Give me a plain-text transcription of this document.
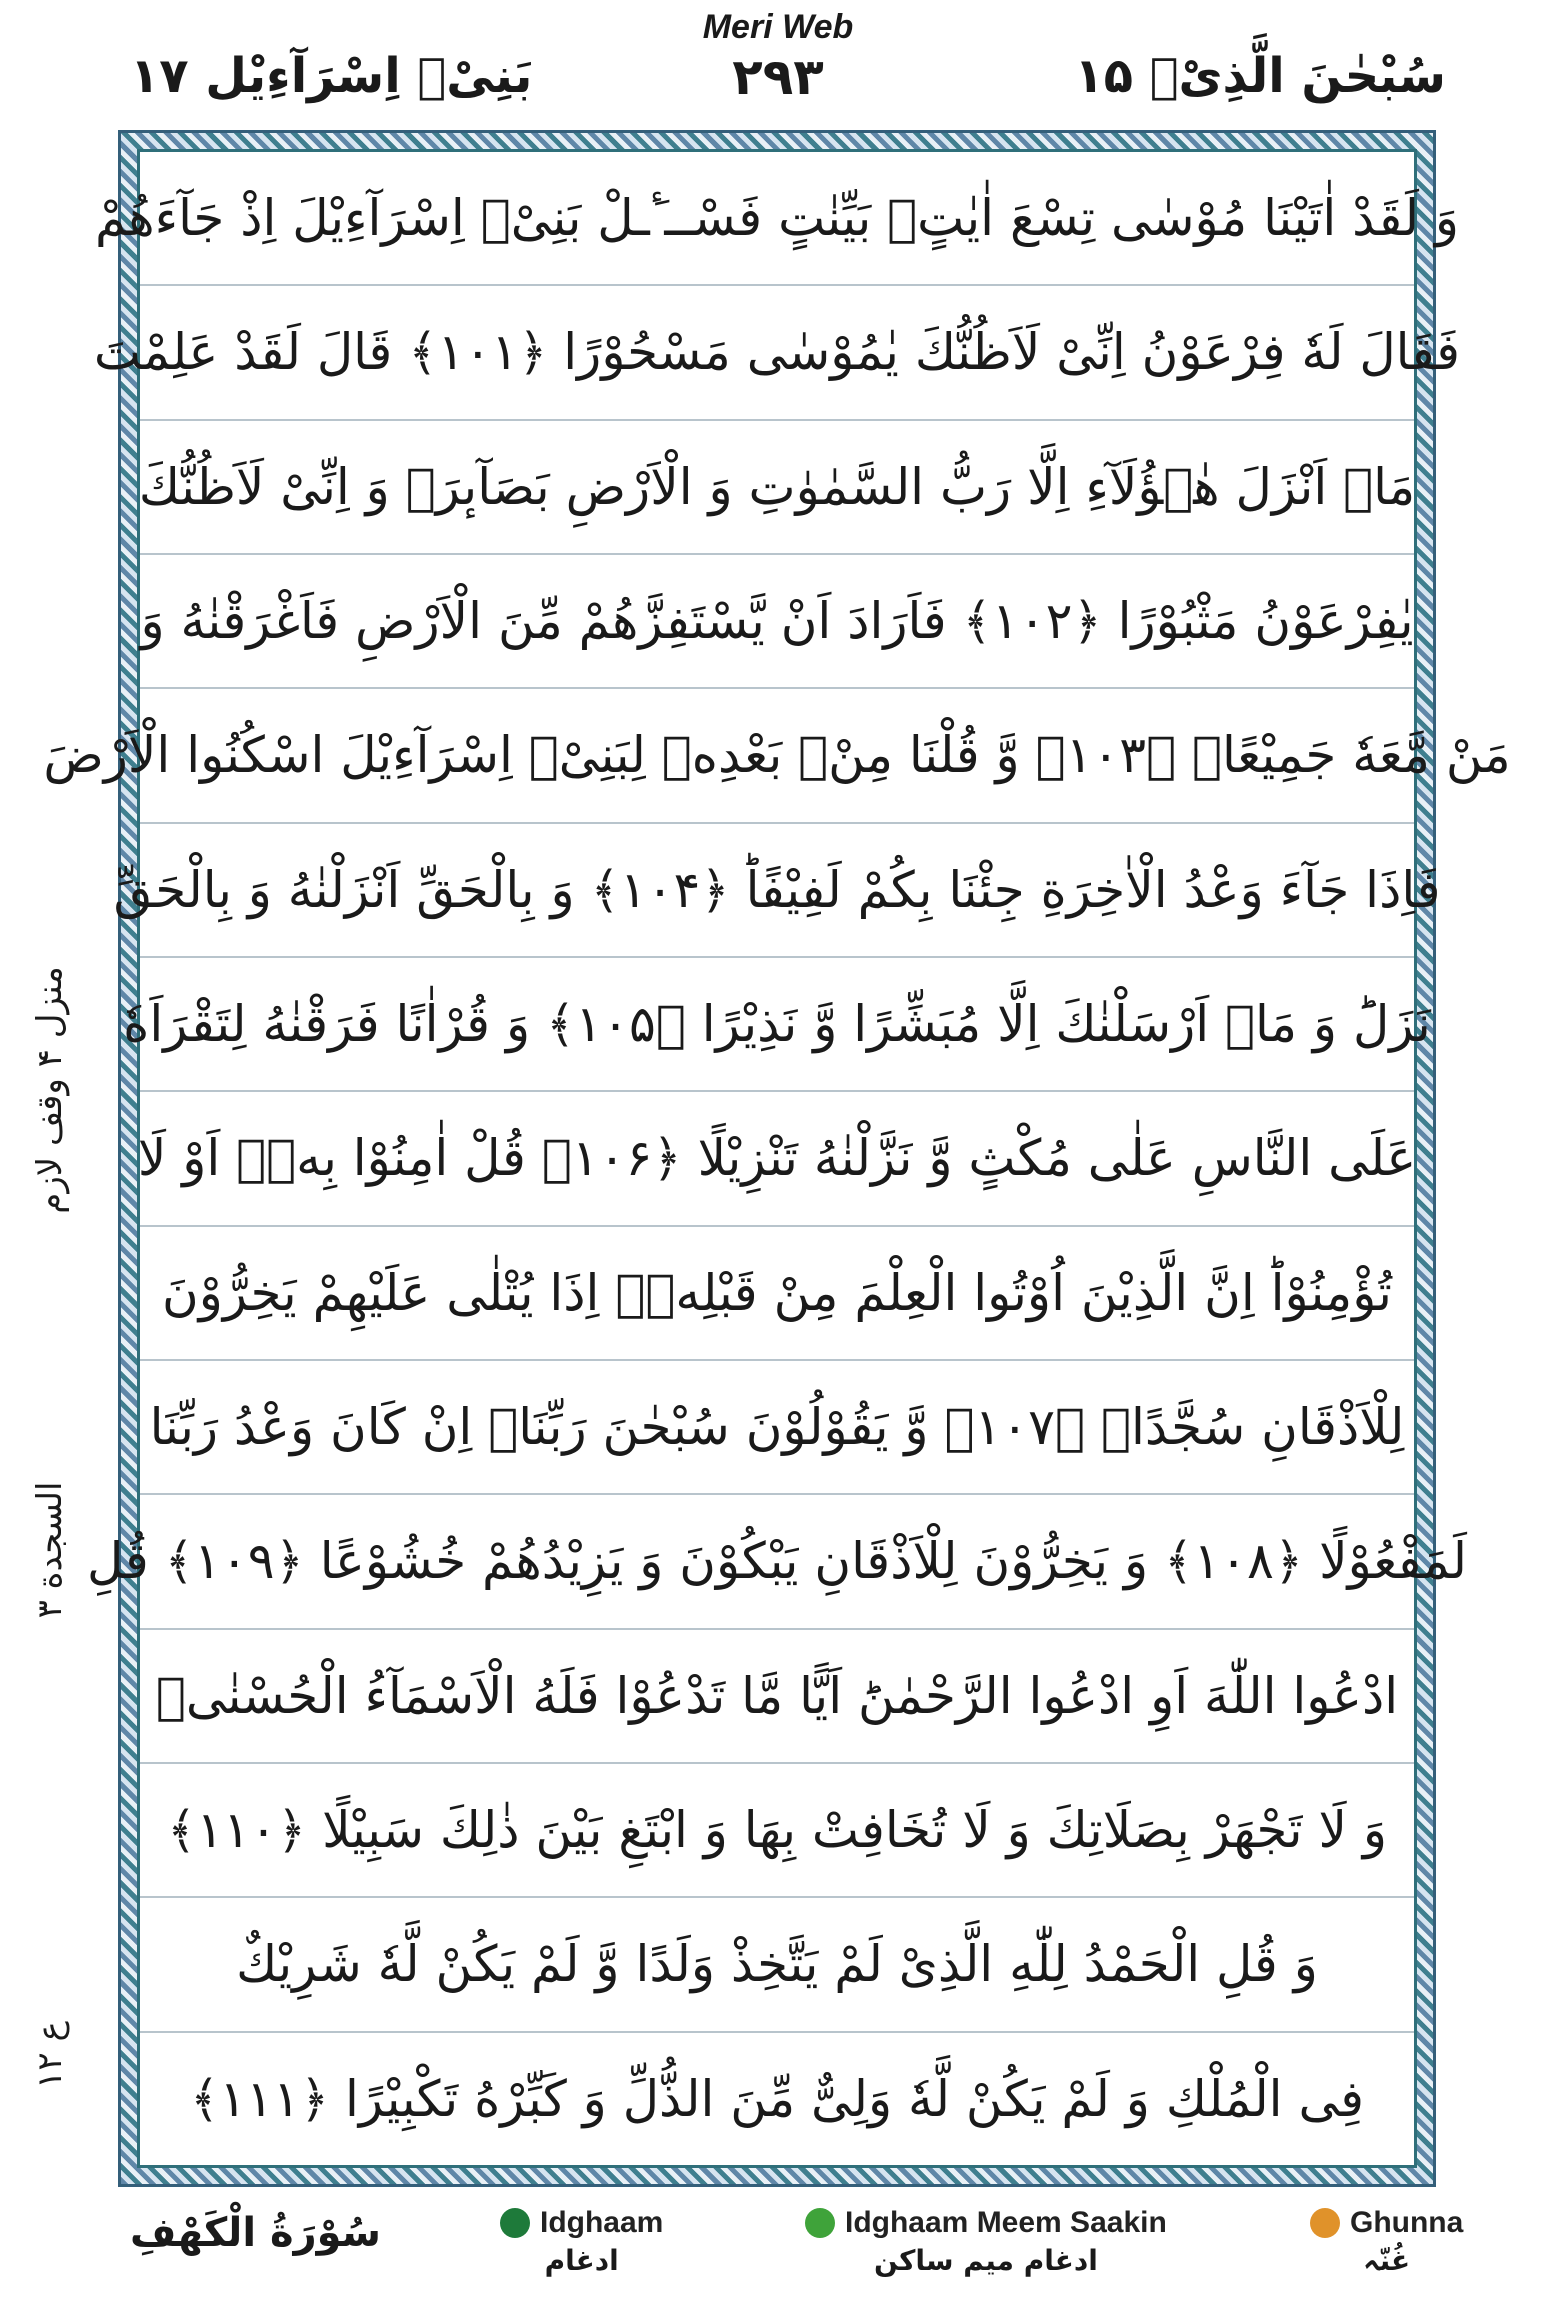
Meri Web
سُبْحٰنَ الَّذِیْۤ ۱۵
۲۹۳
بَنِیْۤ اِسْرَآءِیْل ۱۷
وَ لَقَدْ اٰتَیْنَا مُوْسٰى تِسْعَ اٰیٰتٍۭ بَیِّنٰتٍ فَسْــٴَـلْ بَنِیْۤ اِسْرَآءِیْلَ اِذْ جَآءَهُمْ
فَقَالَ لَهٗ فِرْعَوْنُ اِنِّیْ لَاَظُنُّكَ یٰمُوْسٰى مَسْحُوْرًا ﴿۱۰۱﴾ قَالَ لَقَدْ عَلِمْتَ
مَاۤ اَنْزَلَ هٰۤؤُلَآءِ اِلَّا رَبُّ السَّمٰوٰتِ وَ الْاَرْضِ بَصَآىٕرَۚ وَ اِنِّیْ لَاَظُنُّكَ
یٰفِرْعَوْنُ مَثْبُوْرًا ﴿۱۰۲﴾ فَاَرَادَ اَنْ یَّسْتَفِزَّهُمْ مِّنَ الْاَرْضِ فَاَغْرَقْنٰهُ وَ
مَنْ مَّعَهٗ جَمِیْعًاۙ ﴿۱۰۳﴾ وَّ قُلْنَا مِنْۢ بَعْدِهٖ لِبَنِیْۤ اِسْرَآءِیْلَ اسْكُنُوا الْاَرْضَ
فَاِذَا جَآءَ وَعْدُ الْاٰخِرَةِ جِئْنَا بِكُمْ لَفِیْفًاؕ ﴿۱۰۴﴾ وَ بِالْحَقِّ اَنْزَلْنٰهُ وَ بِالْحَقِّ
نَزَلَؕ وَ مَاۤ اَرْسَلْنٰكَ اِلَّا مُبَشِّرًا وَّ نَذِیْرًا ﴿۱۰۵﴾ وَ قُرْاٰنًا فَرَقْنٰهُ لِتَقْرَاَهٗ
عَلَى النَّاسِ عَلٰى مُكْثٍ وَّ نَزَّلْنٰهُ تَنْزِیْلًا ﴿۱۰۶﴾ قُلْ اٰمِنُوْا بِهٖۤ اَوْ لَا
تُؤْمِنُوْاؕ اِنَّ الَّذِیْنَ اُوْتُوا الْعِلْمَ مِنْ قَبْلِهٖۤ اِذَا یُتْلٰى عَلَیْهِمْ یَخِرُّوْنَ
لِلْاَذْقَانِ سُجَّدًاۙ ﴿۱۰۷﴾ وَّ یَقُوْلُوْنَ سُبْحٰنَ رَبِّنَاۤ اِنْ كَانَ وَعْدُ رَبِّنَا
لَمَفْعُوْلًا ﴿۱۰۸﴾ وَ یَخِرُّوْنَ لِلْاَذْقَانِ یَبْكُوْنَ وَ یَزِیْدُهُمْ خُشُوْعًا ﴿۱۰۹﴾ قُلِ
ادْعُوا اللّٰهَ اَوِ ادْعُوا الرَّحْمٰنَؕ اَیًّا مَّا تَدْعُوْا فَلَهُ الْاَسْمَآءُ الْحُسْنٰىۚ
وَ لَا تَجْهَرْ بِصَلَاتِكَ وَ لَا تُخَافِتْ بِهَا وَ ابْتَغِ بَیْنَ ذٰلِكَ سَبِیْلًا ﴿۱۱۰﴾
وَ قُلِ الْحَمْدُ لِلّٰهِ الَّذِیْ لَمْ یَتَّخِذْ وَلَدًا وَّ لَمْ یَكُنْ لَّهٗ شَرِیْكٌ
فِی الْمُلْكِ وَ لَمْ یَكُنْ لَّهٗ وَلِیٌّ مِّنَ الذُّلِّ وَ كَبِّرْهُ تَكْبِیْرًا ﴿۱۱۱﴾
منزل ۴ وقف لازم
السجدة ۳
ع ۱۲
سُوْرَةُ الْكَهْفِ	Idghaam
ادغام
Idghaam Meem Saakin
ادغام میم ساکن
Ghunna
غُنّہ
